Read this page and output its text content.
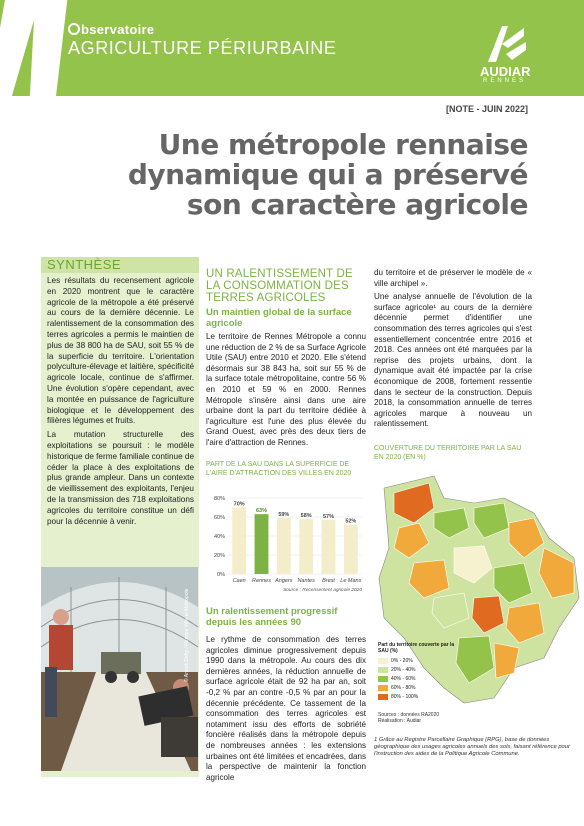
bservatoire
AGRICULTURE PÉRIURBAINE
AUDIAR
RENNES
[NOTE - JUIN 2022]
Une métropole rennaise dynamique qui a préservé son caractère agricole
SYNTHÈSE

Les résultats du recensement agricole en 2020 montrent que le caractère agricole de la métropole a été préservé au cours de la dernière décennie. Le ralentissement de la consommation des terres agricoles a permis le maintien de plus de 38 800 ha de SAU, soit 55 % de la superficie du territoire. L'orientation polyculture-élevage et laitière, spécificité agricole locale, continue de s'affirmer. Une évolution s'opère cependant, avec la montée en puissance de l'agriculture biologique et le développement des filières légumes et fruits.

La mutation structurelle des exploitations se poursuit : le modèle historique de ferme familiale continue de céder la place à des exploitations de plus grande ampleur. Dans un contexte de vieillissement des exploitants, l'enjeu de la transmission des 718 exploitations agricoles du territoire constitue un défi pour la décennie à venir.

© Anouk Didry / Rennes Ville et Métropole
UN RALENTISSEMENT DE LA CONSOMMATION DES TERRES AGRICOLES
Un maintien global de la surface agricole

Le territoire de Rennes Métropole a connu une réduction de 2 % de sa Surface Agricole Utile (SAU) entre 2010 et 2020. Elle s'étend désormais sur 38 843 ha, soit sur 55 % de la surface totale métropolitaine, contre 56 % en 2010 et 59 % en 2000. Rennes Métropole s'insère ainsi dans une aire urbaine dont la part du territoire dédiée à l'agriculture est l'une des plus élevée du Grand Ouest, avec près des deux tiers de l'aire d'attraction de Rennes.

PART DE LA SAU DANS LA SUPERFICIE DE L'AIRE D'ATTRACTION DES VILLES EN 2020
80%
60%
40%
20%
0%
70%
Caen
63%
Rennes
59%
Angers
58%
Nantes
57%
Brest
52%
Le Mans
Source : Recensement agricole 2020
Un ralentissement progressif depuis les années 90

Le rythme de consommation des terres agricoles diminue progressivement depuis 1990 dans la métropole. Au cours des dix dernières années, la réduction annuelle de surface agricole était de 92 ha par an, soit -0,2 % par an contre -0,5 % par an pour la décennie précédente. Ce tassement de la consommation des terres agricoles est notamment issu des efforts de sobriété foncière réalisés dans la métropole depuis de nombreuses années : les extensions urbaines ont été limitées et encadrées, dans la perspective de maintenir la fonction agricole

du territoire et de préserver le modèle de « ville archipel ».

Une analyse annuelle de l'évolution de la surface agricole¹ au cours de la dernière décennie permet d'identifier une consommation des terres agricoles qui s'est essentiellement concentrée entre 2016 et 2018. Ces années ont été marquées par la reprise des projets urbains, dont la dynamique avait été impactée par la crise économique de 2008, fortement ressentie dans le secteur de la construction. Depuis 2018, la consommation annuelle de terres agricoles marque à nouveau un ralentissement.

COUVERTURE DU TERRITOIRE PAR LA SAU EN 2020 (EN %)
Part du territoire couverte par la SAU (%)
0% - 20%
20% - 40%
40% - 60%
60% - 80%
80% - 100%
Sources : données RA2020
Réalisation : Audiar
1 Grâce au Registre Parcellaire Graphique (RPG), base de données géographique des usages agricoles annuels des sols, faisant référence pour l'instruction des aides de la Politique Agricole Commune.
